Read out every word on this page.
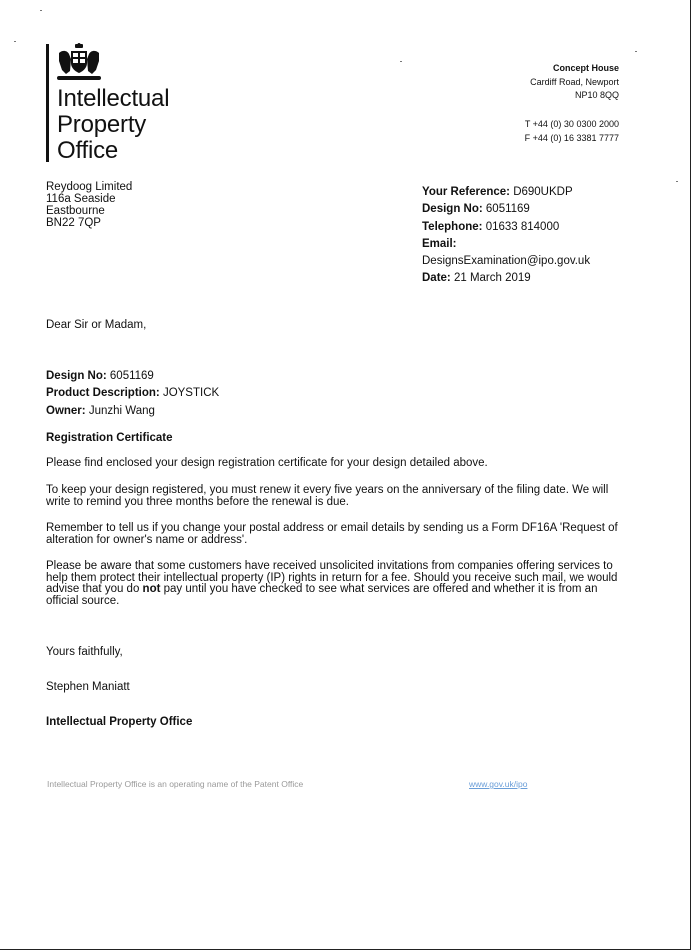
Intellectual
Property
Office
Concept House
Cardiff Road, Newport
NP10 8QQ
T +44 (0) 30 0300 2000
F +44 (0) 16 3381 7777
Reydoog Limited
116a Seaside
Eastbourne
BN22 7QP
Your Reference: D690UKDP
Design No: 6051169
Telephone: 01633 814000
Email:
DesignsExamination@ipo.gov.uk
Date: 21 March 2019
Dear Sir or Madam,
Design No: 6051169
Product Description: JOYSTICK
Owner: Junzhi Wang
Registration Certificate
Please find enclosed your design registration certificate for your design detailed above.
To keep your design registered, you must renew it every five years on the anniversary of the filing date. We will write to remind you three months before the renewal is due.
Remember to tell us if you change your postal address or email details by sending us a Form DF16A 'Request of alteration for owner's name or address'.
Please be aware that some customers have received unsolicited invitations from companies offering services to help them protect their intellectual property (IP) rights in return for a fee. Should you receive such mail, we would advise that you do not pay until you have checked to see what services are offered and whether it is from an official source.
Yours faithfully,
Stephen Maniatt
Intellectual Property Office
Intellectual Property Office is an operating name of the Patent Office	www.gov.uk/ipo
